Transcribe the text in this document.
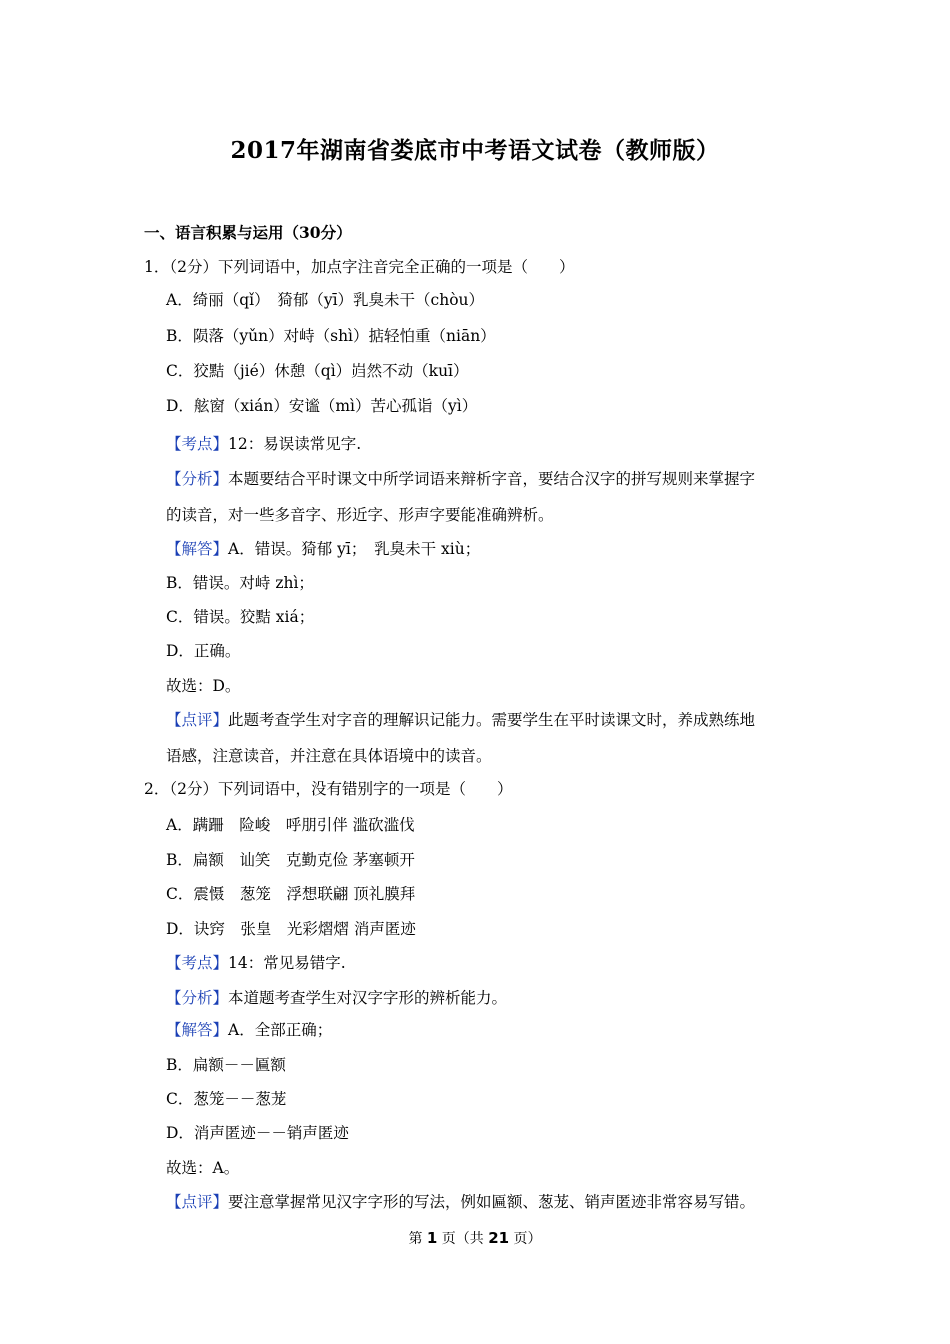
2017年湖南省娄底市中考语文试卷（教师版）
一、语言积累与运用（30分）
1．（2分）下列词语中，加点字注音完全正确的一项是（　　）
A．绮丽（qǐ）　猗郁（yī）乳臭未干（chòu）
B．陨落（yǔn）对峙（shì）掂轻怕重（niān）
C．狡黠（jié）休憩（qì）岿然不动（kuī）
D．舷窗（xián）安谧（mì）苦心孤诣（yì）
【考点】12：易误读常见字.
【分析】本题要结合平时课文中所学词语来辩析字音，要结合汉字的拼写规则来掌握字
的读音，对一些多音字、形近字、形声字要能准确辨析。
【解答】A．错误。猗郁 yī；　乳臭未干 xiù；
B．错误。对峙 zhì；
C．错误。狡黠 xiá；
D．正确。
故选：D。
【点评】此题考查学生对字音的理解识记能力。需要学生在平时读课文时，养成熟练地
语感，注意读音，并注意在具体语境中的读音。
2．（2分）下列词语中，没有错别字的一项是（　　）
A．蹒跚　险峻　呼朋引伴 滥砍滥伐
B．扁额　讪笑　克勤克俭 茅塞顿开
C．震慑　葱笼　浮想联翩 顶礼膜拜
D．诀窍　张皇　光彩熠熠 消声匿迹
【考点】14：常见易错字.
【分析】本道题考查学生对汉字字形的辨析能力。
【解答】A．全部正确；
B．扁额－－匾额
C．葱笼－－葱茏
D．消声匿迹－－销声匿迹
故选：A。
【点评】要注意掌握常见汉字字形的写法，例如匾额、葱茏、销声匿迹非常容易写错。
第 1 页（共 21 页）
